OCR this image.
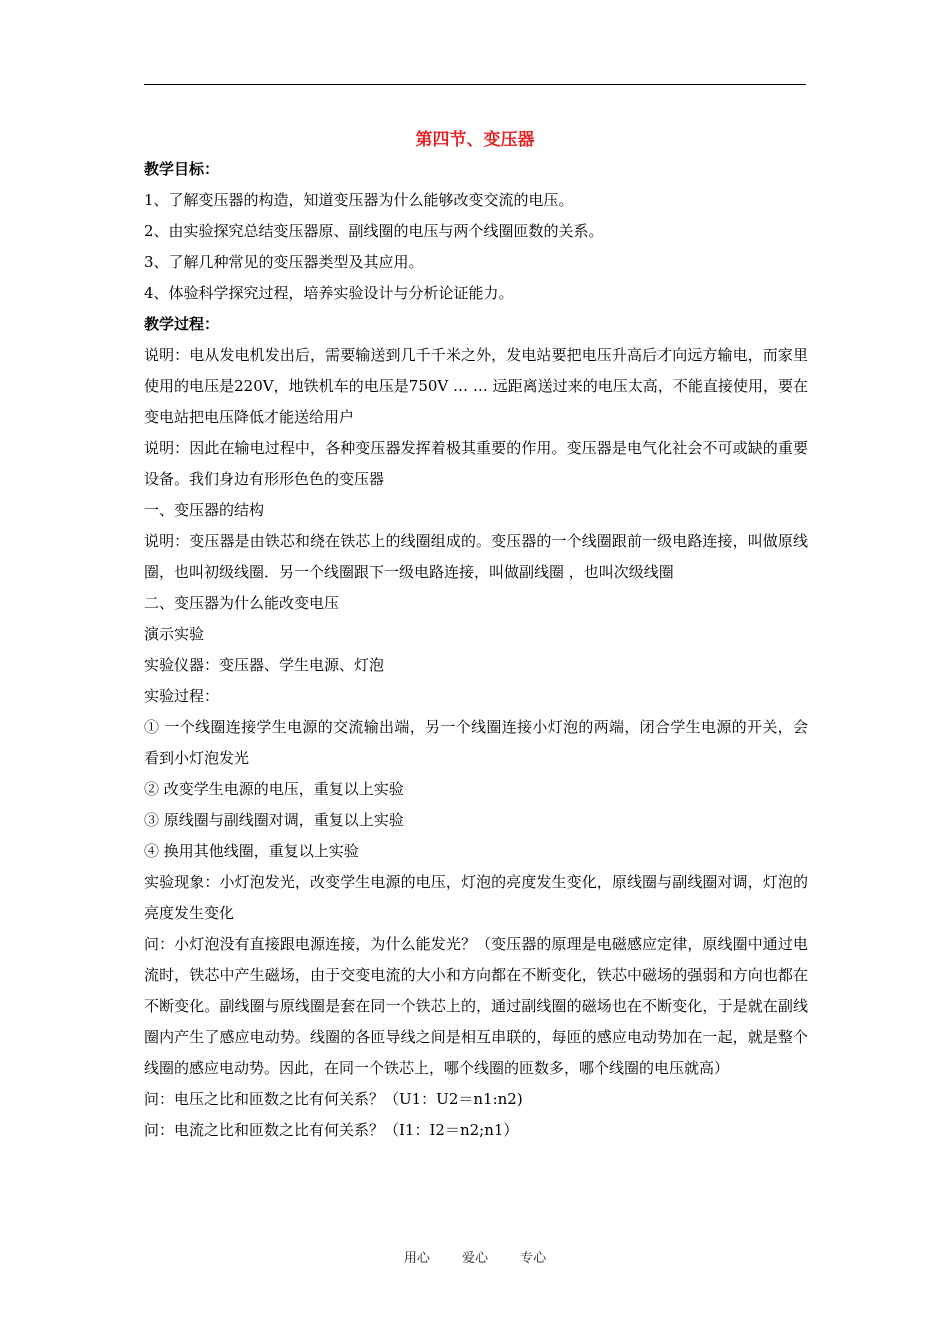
第四节、变压器

教学目标：

1、了解变压器的构造，知道变压器为什么能够改变交流的电压。

2、由实验探究总结变压器原、副线圈的电压与两个线圈匝数的关系。

3、了解几种常见的变压器类型及其应用。

4、体验科学探究过程，培养实验设计与分析论证能力。

教学过程：

说明：电从发电机发出后，需要输送到几千千米之外，发电站要把电压升高后才向远方输电，而家里使用的电压是220V，地铁机车的电压是750V … … 远距离送过来的电压太高，不能直接使用，要在变电站把电压降低才能送给用户

说明：因此在输电过程中，各种变压器发挥着极其重要的作用。变压器是电气化社会不可或缺的重要设备。我们身边有形形色色的变压器

一、变压器的结构

说明：变压器是由铁芯和绕在铁芯上的线圈组成的。变压器的一个线圈跟前一级电路连接，叫做原线圈，也叫初级线圈．另一个线圈跟下一级电路连接，叫做副线圈 ，也叫次级线圈

二、变压器为什么能改变电压

演示实验

实验仪器：变压器、学生电源、灯泡

实验过程：

① 一个线圈连接学生电源的交流输出端，另一个线圈连接小灯泡的两端，闭合学生电源的开关，会看到小灯泡发光

② 改变学生电源的电压，重复以上实验

③ 原线圈与副线圈对调，重复以上实验

④ 换用其他线圈，重复以上实验

实验现象：小灯泡发光，改变学生电源的电压，灯泡的亮度发生变化，原线圈与副线圈对调，灯泡的亮度发生变化

问：小灯泡没有直接跟电源连接，为什么能发光？（变压器的原理是电磁感应定律，原线圈中通过电流时，铁芯中产生磁场，由于交变电流的大小和方向都在不断变化，铁芯中磁场的强弱和方向也都在不断变化。副线圈与原线圈是套在同一个铁芯上的，通过副线圈的磁场也在不断变化，于是就在副线圈内产生了感应电动势。线圈的各匝导线之间是相互串联的，每匝的感应电动势加在一起，就是整个线圈的感应电动势。因此，在同一个铁芯上，哪个线圈的匝数多，哪个线圈的电压就高）

问：电压之比和匝数之比有何关系？（U1：U2＝n1:n2)

问：电流之比和匝数之比有何关系？（I1：I2＝n2;n1）

用心 爱心 专心
